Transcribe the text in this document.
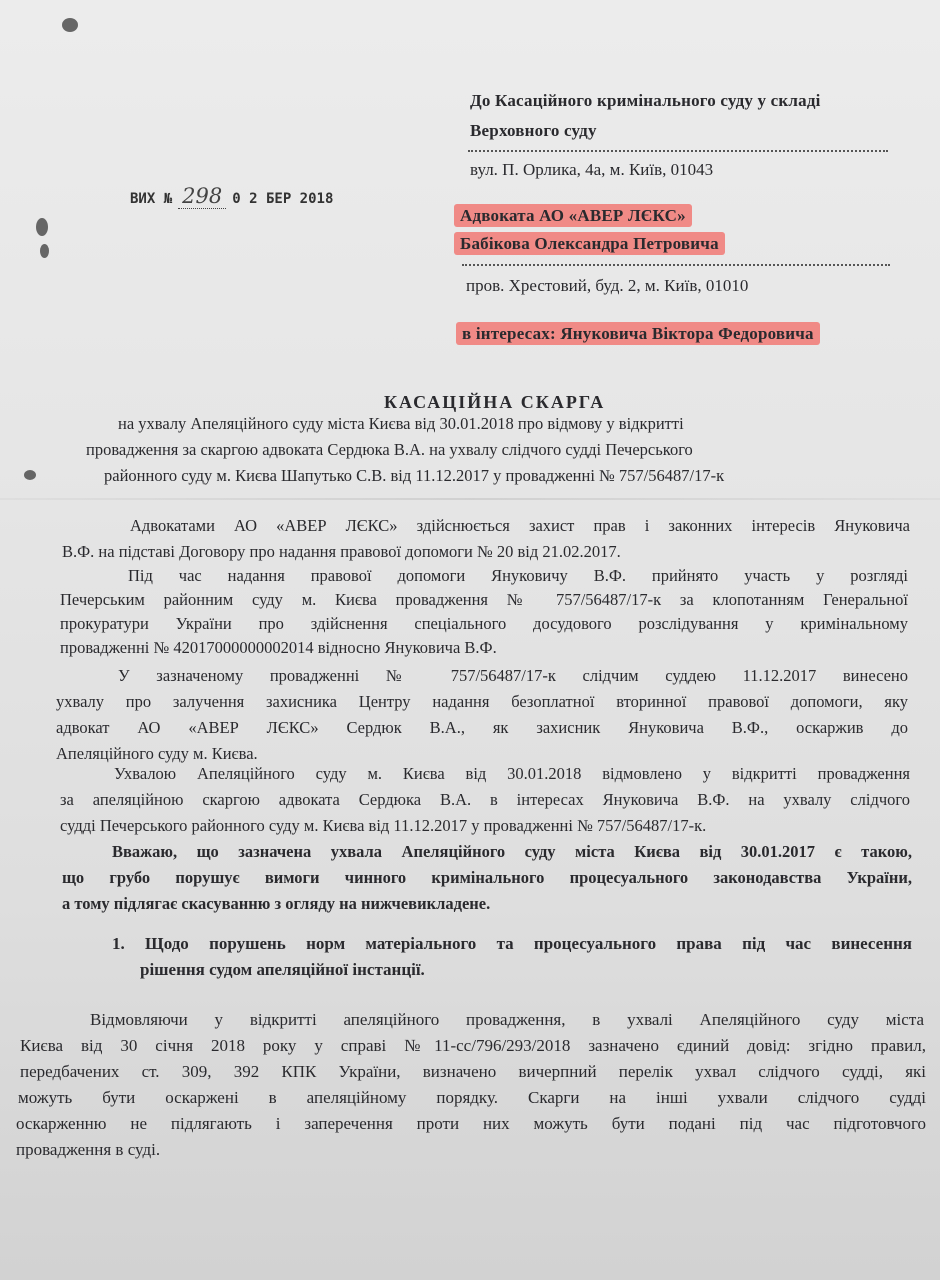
До Касаційного кримінального суду у складі Верховного суду
вул. П. Орлика, 4а, м. Київ, 01043
ВИХ № 298 0 2 БЕР 2018
Адвоката АО «АВЕР ЛЄКС»
Бабікова Олександра Петровича
пров. Хрестовий, буд. 2, м. Київ, 01010
в інтересах: Януковича Віктора Федоровича
КАСАЦІЙНА СКАРГА
на ухвалу Апеляційного суду міста Києва від 30.01.2018 про відмову у відкритті
провадження за скаргою адвоката Сердюка В.А. на ухвалу слідчого судді Печерського
районного суду м. Києва Шапутько С.В. від 11.12.2017 у провадженні № 757/56487/17-к
Адвокатами АО «АВЕР ЛЄКС» здійснюється захист прав і законних інтересів Януковича
В.Ф. на підставі Договору про надання правової допомоги № 20 від 21.02.2017.
Під час надання правової допомоги Януковичу В.Ф. прийнято участь у розгляді
Печерським районним суду м. Києва провадження № 757/56487/17-к за клопотанням Генеральної
прокуратури України про здійснення спеціального досудового розслідування у кримінальному
провадженні № 42017000000002014 відносно Януковича В.Ф.
У зазначеному провадженні № 757/56487/17-к слідчим суддею 11.12.2017 винесено
ухвалу про залучення захисника Центру надання безоплатної вторинної правової допомоги, яку
адвокат АО «АВЕР ЛЄКС» Сердюк В.А., як захисник Януковича В.Ф., оскаржив до
Апеляційного суду м. Києва.
Ухвалою Апеляційного суду м. Києва від 30.01.2018 відмовлено у відкритті провадження
за апеляційною скаргою адвоката Сердюка В.А. в інтересах Януковича В.Ф. на ухвалу слідчого
судді Печерського районного суду м. Києва від 11.12.2017 у провадженні № 757/56487/17-к.
Вважаю, що зазначена ухвала Апеляційного суду міста Києва від 30.01.2017 є такою,
що грубо порушує вимоги чинного кримінального процесуального законодавства України,
а тому підлягає скасуванню з огляду на нижчевикладене.
1. Щодо порушень норм матеріального та процесуального права під час винесення
рішення судом апеляційної інстанції.
Відмовляючи у відкритті апеляційного провадження, в ухвалі Апеляційного суду міста
Києва від 30 січня 2018 року у справі №11-сс/796/293/2018 зазначено єдиний довід: згідно правил,
передбачених ст. 309, 392 КПК України, визначено вичерпний перелік ухвал слідчого судді, які
можуть бути оскаржені в апеляційному порядку. Скарги на інші ухвали слідчого судді
оскарженню не підлягають і заперечення проти них можуть бути подані під час підготовчого
провадження в суді.
